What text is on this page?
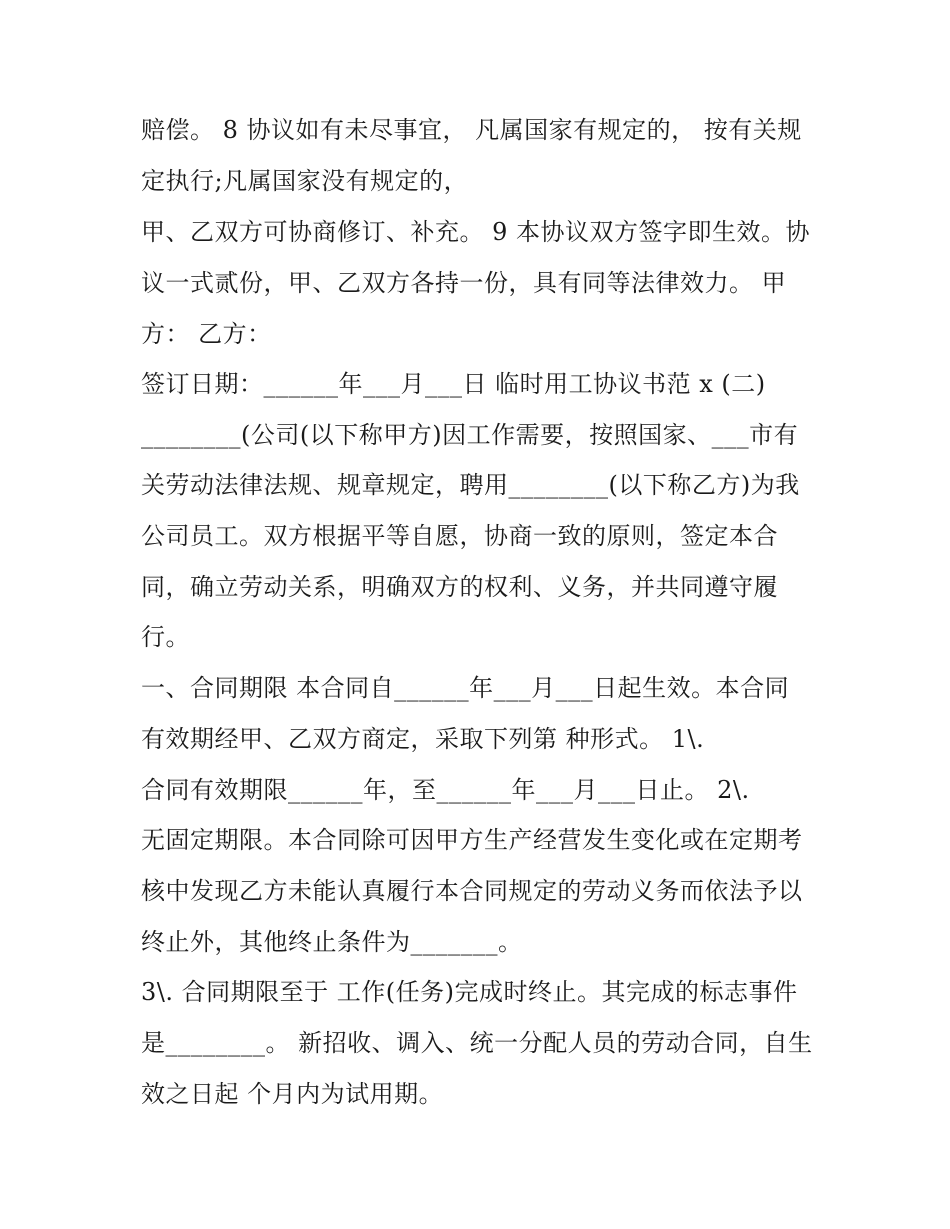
赔偿。 8 协议如有未尽事宜， 凡属国家有规定的， 按有关规
定执行;凡属国家没有规定的，
甲、乙双方可协商修订、补充。 9 本协议双方签字即生效。协
议一式贰份，甲、乙双方各持一份，具有同等法律效力。 甲
方： 乙方：
签订日期：______年___月___日 临时用工协议书范 x (二)
________(公司(以下称甲方)因工作需要，按照国家、___市有
关劳动法律法规、规章规定，聘用________(以下称乙方)为我
公司员工。双方根据平等自愿，协商一致的原则，签定本合
同，确立劳动关系，明确双方的权利、义务，并共同遵守履
行。
一、合同期限 本合同自______年___月___日起生效。本合同
有效期经甲、乙双方商定，采取下列第 种形式。 1\.
合同有效期限______年，至______年___月___日止。 2\.
无固定期限。本合同除可因甲方生产经营发生变化或在定期考
核中发现乙方未能认真履行本合同规定的劳动义务而依法予以
终止外，其他终止条件为_______。
3\. 合同期限至于 工作(任务)完成时终止。其完成的标志事件
是________。 新招收、调入、统一分配人员的劳动合同，自生
效之日起 个月内为试用期。
